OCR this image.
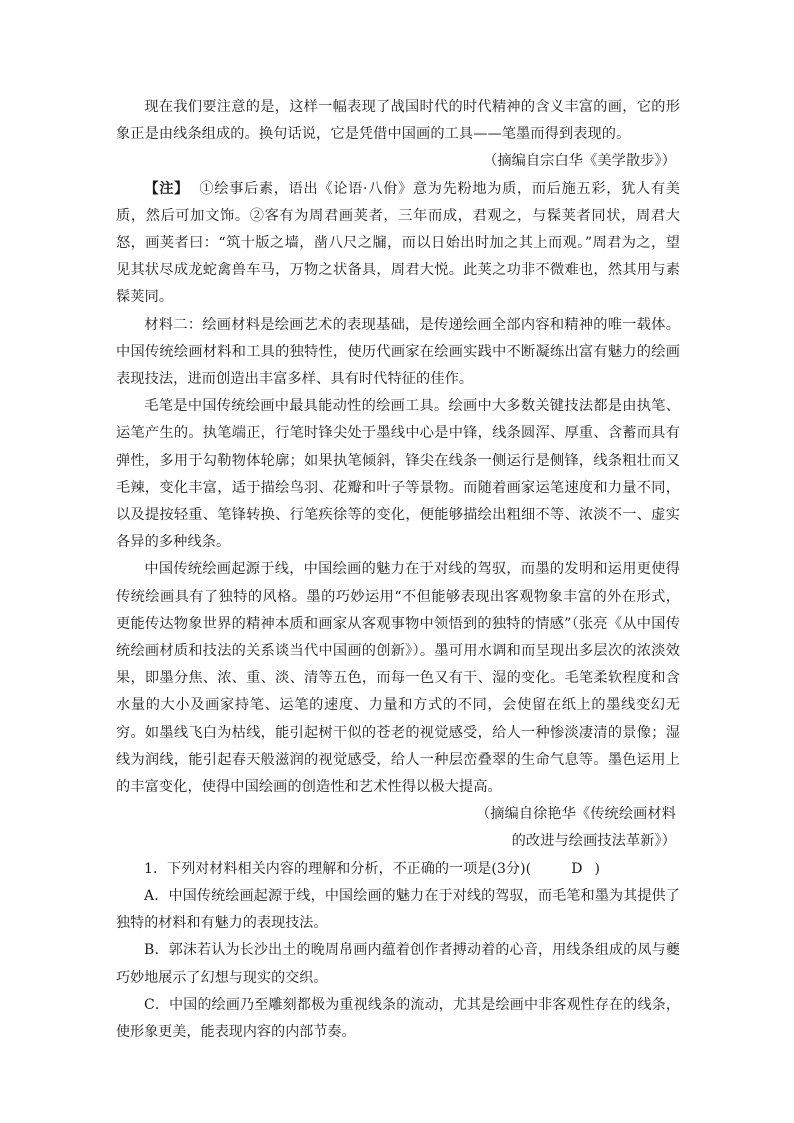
现在我们要注意的是，这样一幅表现了战国时代的时代精神的含义丰富的画，它的形象正是由线条组成的。换句话说，它是凭借中国画的工具——笔墨而得到表现的。

（摘编自宗白华《美学散步》）

【注】 ①绘事后素，语出《论语·八佾》意为先粉地为质，而后施五彩，犹人有美质，然后可加文饰。②客有为周君画荚者，三年而成，君观之，与髹荚者同状，周君大怒，画荚者曰：“筑十版之墙，凿八尺之牖，而以日始出时加之其上而观。”周君为之，望见其状尽成龙蛇禽兽车马，万物之状备具，周君大悦。此荚之功非不微难也，然其用与素髹荚同。

材料二：绘画材料是绘画艺术的表现基础，是传递绘画全部内容和精神的唯一载体。中国传统绘画材料和工具的独特性，使历代画家在绘画实践中不断凝练出富有魅力的绘画表现技法，进而创造出丰富多样、具有时代特征的佳作。

毛笔是中国传统绘画中最具能动性的绘画工具。绘画中大多数关键技法都是由执笔、运笔产生的。执笔端正，行笔时锋尖处于墨线中心是中锋，线条圆浑、厚重、含蓄而具有弹性，多用于勾勒物体轮廓；如果执笔倾斜，锋尖在线条一侧运行是侧锋，线条粗壮而又毛辣，变化丰富，适于描绘鸟羽、花瓣和叶子等景物。而随着画家运笔速度和力量不同，以及提按轻重、笔锋转换、行笔疾徐等的变化，便能够描绘出粗细不等、浓淡不一、虚实各异的多种线条。

中国传统绘画起源于线，中国绘画的魅力在于对线的驾驭，而墨的发明和运用更使得传统绘画具有了独特的风格。墨的巧妙运用“不但能够表现出客观物象丰富的外在形式，更能传达物象世界的精神本质和画家从客观事物中领悟到的独特的情感”（张亮《从中国传统绘画材质和技法的关系谈当代中国画的创新》）。墨可用水调和而呈现出多层次的浓淡效果，即墨分焦、浓、重、淡、清等五色，而每一色又有干、湿的变化。毛笔柔软程度和含水量的大小及画家持笔、运笔的速度、力量和方式的不同，会使留在纸上的墨线变幻无穷。如墨线飞白为枯线，能引起树干似的苍老的视觉感受，给人一种惨淡凄清的景像；湿线为润线，能引起春天般滋润的视觉感受，给人一种层峦叠翠的生命气息等。墨色运用上的丰富变化，使得中国绘画的创造性和艺术性得以极大提高。

（摘编自徐艳华《传统绘画材料

的改进与绘画技法革新》）

1．下列对材料相关内容的理解和分析，不正确的一项是(3分)(	D )

A．中国传统绘画起源于线，中国绘画的魅力在于对线的驾驭，而毛笔和墨为其提供了独特的材料和有魅力的表现技法。

B．郭沫若认为长沙出土的晚周帛画内蕴着创作者搏动着的心音，用线条组成的凤与夔巧妙地展示了幻想与现实的交织。

C．中国的绘画乃至雕刻都极为重视线条的流动，尤其是绘画中非客观性存在的线条，使形象更美，能表现内容的内部节奏。
